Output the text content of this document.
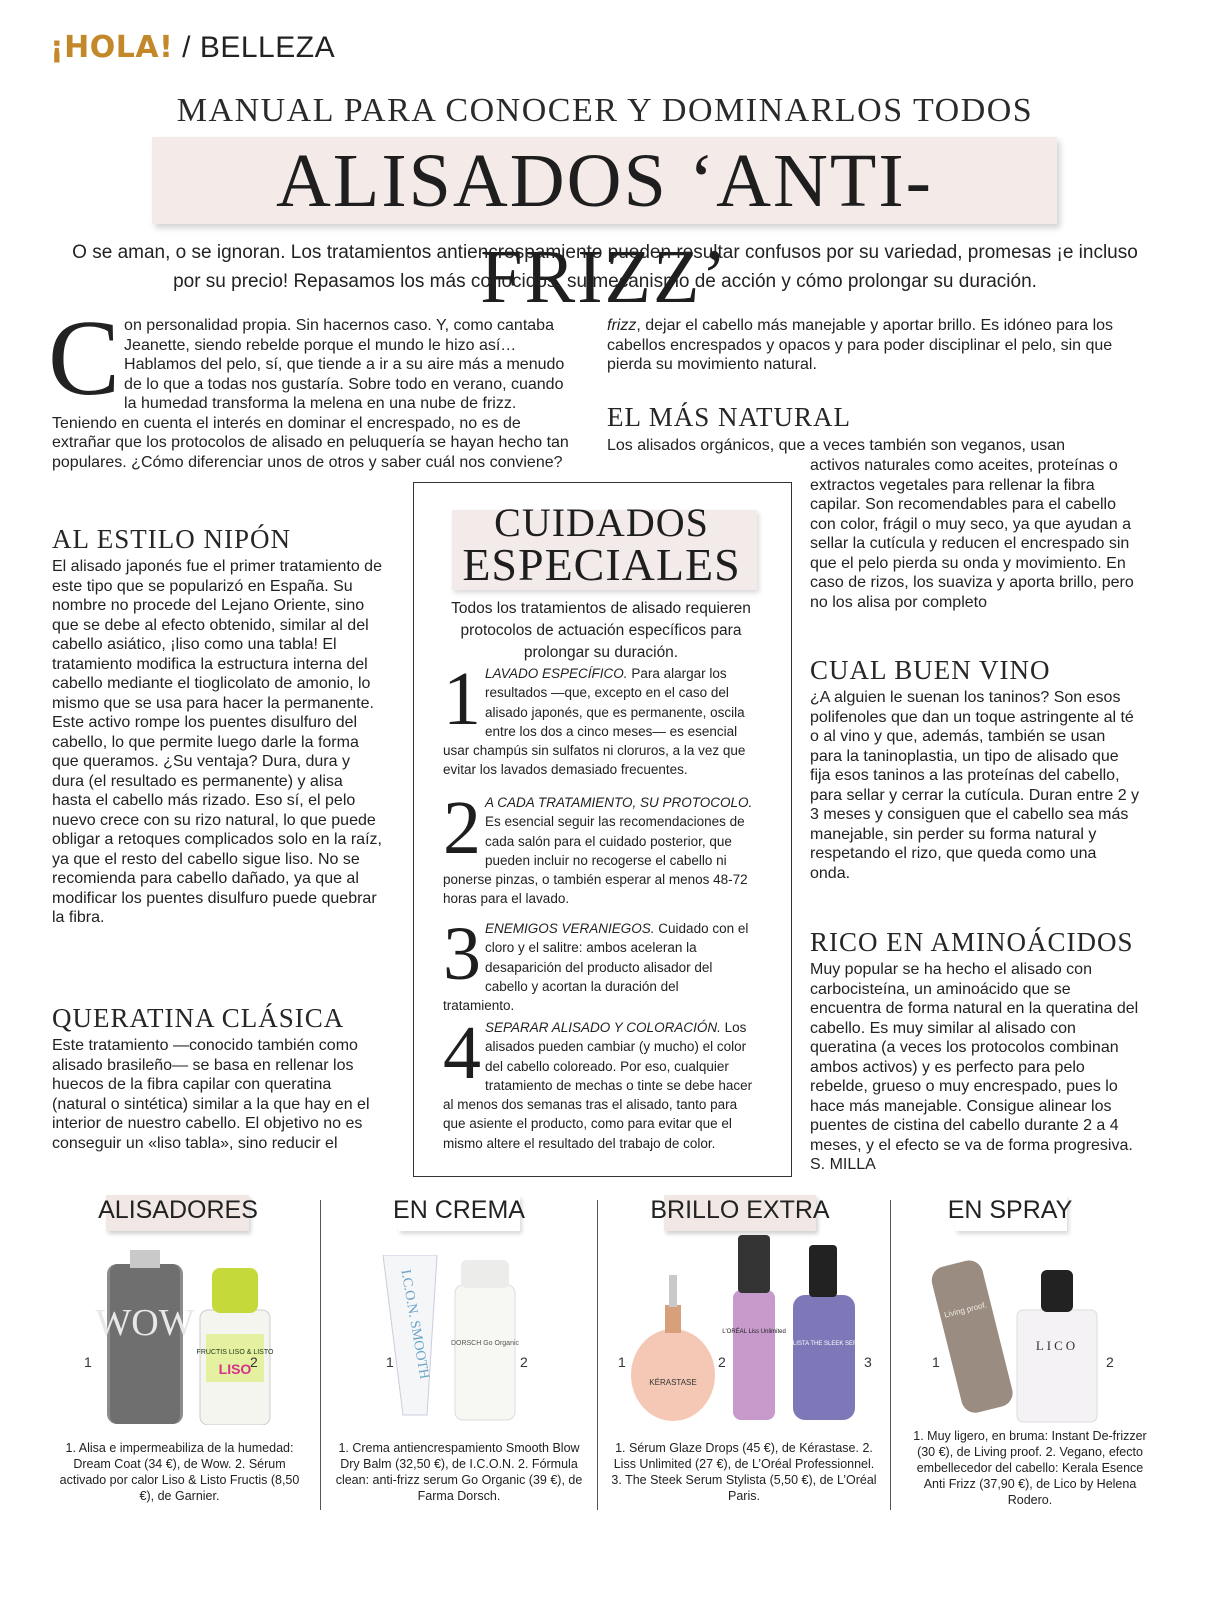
¡HOLA! / BELLEZA
MANUAL PARA CONOCER Y DOMINARLOS TODOS
ALISADOS ‘ANTI-FRIZZ’
O se aman, o se ignoran. Los tratamientos antiencrespamiento pueden resultar confusos por su variedad, promesas ¡e incluso por su precio! Repasamos los más conocidos, su mecanismo de acción y cómo prolongar su duración.
C on personalidad propia. Sin hacernos caso. Y, como cantaba Jeanette, siendo rebelde porque el mundo le hizo así… Hablamos del pelo, sí, que tiende a ir a su aire más a menudo de lo que a todas nos gustaría. Sobre todo en verano, cuando la humedad transforma la melena en una nube de frizz. Teniendo en cuenta el interés en dominar el encrespado, no es de extrañar que los protocolos de alisado en peluquería se hayan hecho tan populares. ¿Cómo diferenciar unos de otros y saber cuál nos conviene?
AL ESTILO NIPÓN
El alisado japonés fue el primer tratamiento de este tipo que se popularizó en España. Su nombre no procede del Lejano Oriente, sino que se debe al efecto obtenido, similar al del cabello asiático, ¡liso como una tabla! El tratamiento modifica la estructura interna del cabello mediante el tioglicolato de amonio, lo mismo que se usa para hacer la permanente. Este activo rompe los puentes disulfuro del cabello, lo que permite luego darle la forma que queramos. ¿Su ventaja? Dura, dura y dura (el resultado es permanente) y alisa hasta el cabello más rizado. Eso sí, el pelo nuevo crece con su rizo natural, lo que puede obligar a retoques complicados solo en la raíz, ya que el resto del cabello sigue liso. No se recomienda para cabello dañado, ya que al modificar los puentes disulfuro puede quebrar la fibra.
QUERATINA CLÁSICA
Este tratamiento —conocido también como alisado brasileño— se basa en rellenar los huecos de la fibra capilar con queratina (natural o sintética) similar a la que hay en el interior de nuestro cabello. El objetivo no es conseguir un «liso tabla», sino reducir el
frizz, dejar el cabello más manejable y aportar brillo. Es idóneo para los cabellos encrespados y opacos y para poder disciplinar el pelo, sin que pierda su movimiento natural.
EL MÁS NATURAL
Los alisados orgánicos, que a veces también son veganos, usan
activos naturales como aceites, proteínas o extractos vegetales para rellenar la fibra capilar. Son recomendables para el cabello con color, frágil o muy seco, ya que ayudan a sellar la cutícula y reducen el encrespado sin que el pelo pierda su onda y movimiento. En caso de rizos, los suaviza y aporta brillo, pero no los alisa por completo
CUAL BUEN VINO
¿A alguien le suenan los taninos? Son esos polifenoles que dan un toque astringente al té o al vino y que, además, también se usan para la taninoplastia, un tipo de alisado que fija esos taninos a las proteínas del cabello, para sellar y cerrar la cutícula. Duran entre 2 y 3 meses y consiguen que el cabello sea más manejable, sin perder su forma natural y respetando el rizo, que queda como una onda.
RICO EN AMINOÁCIDOS
Muy popular se ha hecho el alisado con carbocisteína, un aminoácido que se encuentra de forma natural en la queratina del cabello. Es muy similar al alisado con queratina (a veces los protocolos combinan ambos activos) y es perfecto para pelo rebelde, grueso o muy encrespado, pues lo hace más manejable. Consigue alinear los puentes de cistina del cabello durante 2 a 4 meses, y el efecto se va de forma progresiva. S. MILLA
CUIDADOS
ESPECIALES
Todos los tratamientos de alisado requieren protocolos de actuación específicos para prolongar su duración.
1 LAVADO ESPECÍFICO. Para alargar los resultados —que, excepto en el caso del alisado japonés, que es permanente, oscila entre los dos a cinco meses— es esencial usar champús sin sulfatos ni cloruros, a la vez que evitar los lavados demasiado frecuentes.
2 A CADA TRATAMIENTO, SU PROTOCOLO. Es esencial seguir las recomendaciones de cada salón para el cuidado posterior, que pueden incluir no recogerse el cabello ni ponerse pinzas, o también esperar al menos 48-72 horas para el lavado.
3 ENEMIGOS VERANIEGOS. Cuidado con el cloro y el salitre: ambos aceleran la desaparición del producto alisador del cabello y acortan la duración del tratamiento.
4 SEPARAR ALISADO Y COLORACIÓN. Los alisados pueden cambiar (y mucho) el color del cabello coloreado. Por eso, cualquier tratamiento de mechas o tinte se debe hacer al menos dos semanas tras el alisado, tanto para que asiente el producto, como para evitar que el mismo altere el resultado del trabajo de color.
ALISADORES
WOW
FRUCTIS LISO & LISTO
LISO
1	2
1. Alisa e impermeabiliza de la humedad: Dream Coat (34 €), de Wow. 2. Sérum activado por calor Liso & Listo Fructis (8,50 €), de Garnier.
EN CREMA
I.C.O.N. SMOOTH	DORSCH Go Organic
1	2
1. Crema antiencrespamiento Smooth Blow Dry Balm (32,50 €), de I.C.O.N. 2. Fórmula clean: anti-frizz serum Go Organic (39 €), de Farma Dorsch.
BRILLO EXTRA
KÉRASTASE
L'ORÉAL Liss Unlimited
STYLISTA THE SLEEK SERUM
1	2	3
1. Sérum Glaze Drops (45 €), de Kérastase. 2. Liss Unlimited (27 €), de L’Oréal Professionnel. 3. The Steek Serum Stylista (5,50 €), de L’Oréal Paris.
EN SPRAY
Living proof.
LICO
1	2
1. Muy ligero, en bruma: Instant De-frizzer (30 €), de Living proof. 2. Vegano, efecto embellecedor del cabello: Kerala Esence Anti Frizz (37,90 €), de Lico by Helena Rodero.
